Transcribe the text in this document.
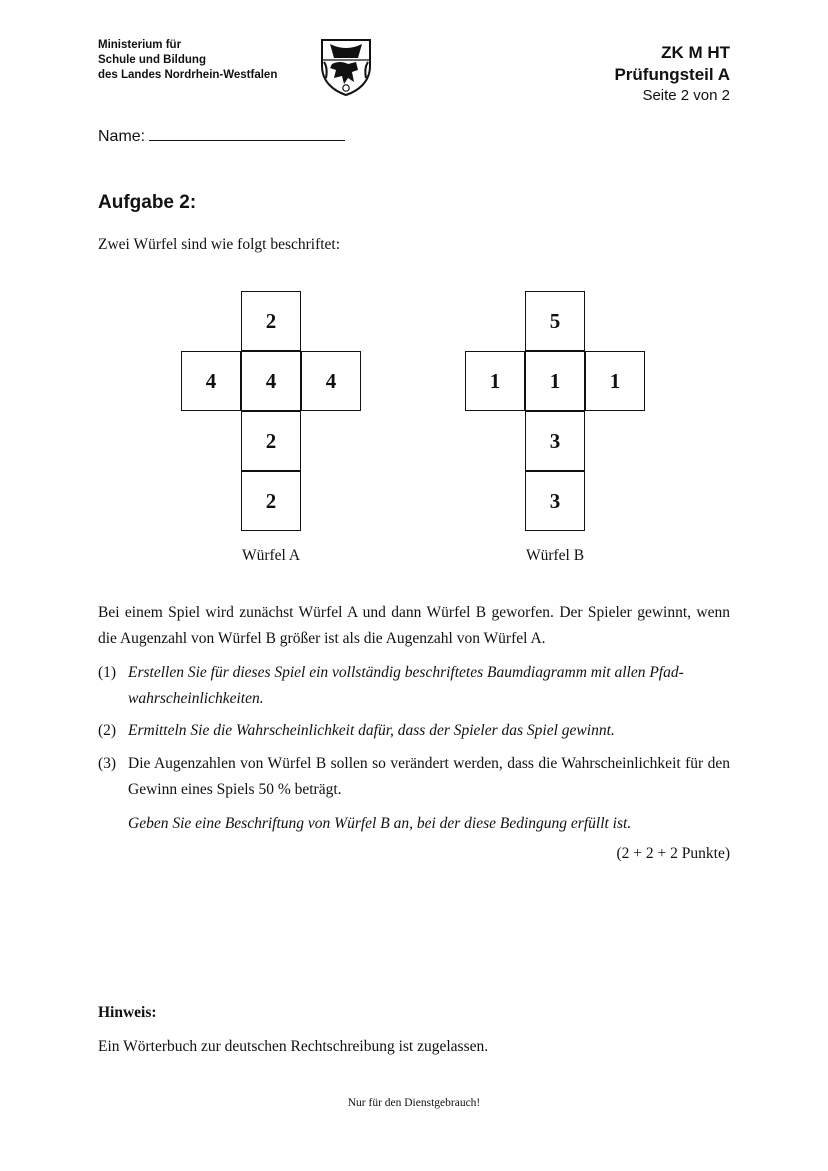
Ministerium für
Schule und Bildung
des Landes Nordrhein-Westfalen
ZK M HT
Prüfungsteil A
Seite 2 von 2
Name:
Aufgabe 2:
Zwei Würfel sind wie folgt beschriftet:
2
4	4	4
2
2
Würfel A
5
1	1	1
3
3
Würfel B
Bei einem Spiel wird zunächst Würfel A und dann Würfel B geworfen. Der Spieler gewinnt, wenn die Augenzahl von Würfel B größer ist als die Augenzahl von Würfel A.
(1) Erstellen Sie für dieses Spiel ein vollständig beschriftetes Baumdiagramm mit allen Pfad-wahrscheinlichkeiten.
(2) Ermitteln Sie die Wahrscheinlichkeit dafür, dass der Spieler das Spiel gewinnt.
(3) Die Augenzahlen von Würfel B sollen so verändert werden, dass die Wahrscheinlichkeit für den Gewinn eines Spiels 50 % beträgt.
Geben Sie eine Beschriftung von Würfel B an, bei der diese Bedingung erfüllt ist.
(2 + 2 + 2 Punkte)
Hinweis:
Ein Wörterbuch zur deutschen Rechtschreibung ist zugelassen.
Nur für den Dienstgebrauch!
